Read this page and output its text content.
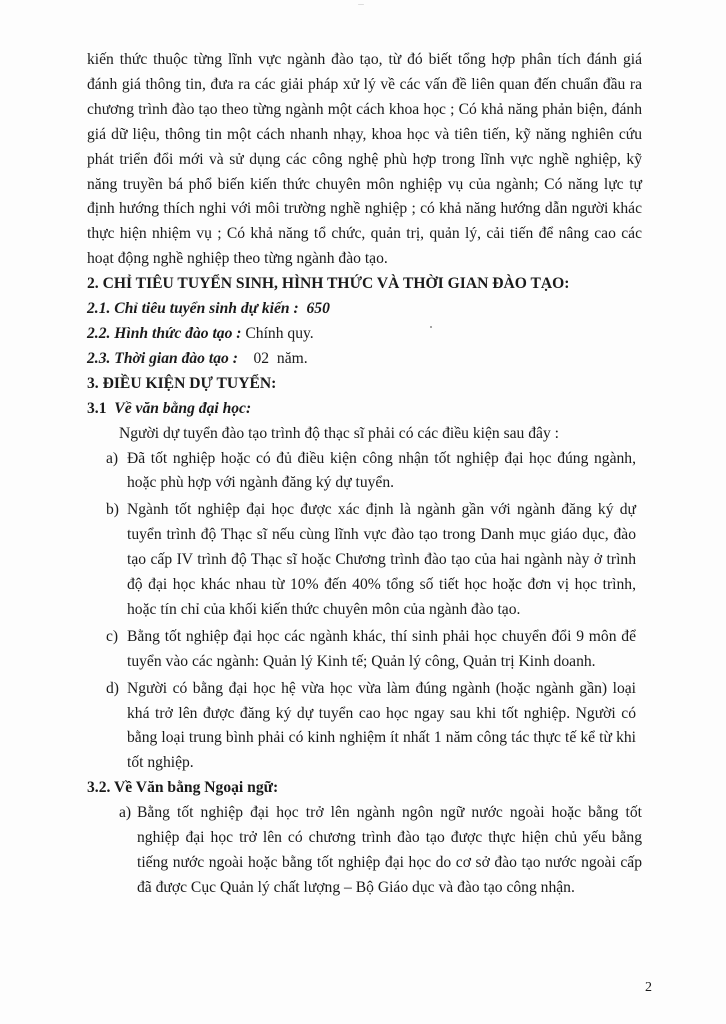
kiến thức thuộc từng lĩnh vực ngành đào tạo, từ đó biết tổng hợp phân tích đánh giá đánh giá thông tin, đưa ra các giải pháp xử lý về các vấn đề liên quan đến chuẩn đầu ra chương trình đào tạo theo từng ngành một cách khoa học ; Có khả năng phản biện, đánh giá dữ liệu, thông tin một cách nhanh nhạy, khoa học và tiên tiến, kỹ năng nghiên cứu phát triển đổi mới và sử dụng các công nghệ phù hợp trong lĩnh vực nghề nghiệp, kỹ năng truyền bá phổ biến kiến thức chuyên môn nghiệp vụ của ngành; Có năng lực tự định hướng thích nghi với môi trường nghề nghiệp ; có khả năng hướng dẫn người khác thực hiện nhiệm vụ ; Có khả năng tổ chức, quản trị, quản lý, cải tiến để nâng cao các hoạt động nghề nghiệp theo từng ngành đào tạo.

2. CHỈ TIÊU TUYỂN SINH, HÌNH THỨC VÀ THỜI GIAN ĐÀO TẠO:

2.1. Chỉ tiêu tuyển sinh dự kiến :  650

2.2. Hình thức đào tạo : Chính quy.

2.3. Thời gian đào tạo :    02  năm.

3. ĐIỀU KIỆN DỰ TUYỂN:

3.1 Về văn bằng đại học:

Người dự tuyển đào tạo trình độ thạc sĩ phải có các điều kiện sau đây :

a) Đã tốt nghiệp hoặc có đủ điều kiện công nhận tốt nghiệp đại học đúng ngành, hoặc phù hợp với ngành đăng ký dự tuyển.

b) Ngành tốt nghiệp đại học được xác định là ngành gần với ngành đăng ký dự tuyển trình độ Thạc sĩ nếu cùng lĩnh vực đào tạo trong Danh mục giáo dục, đào tạo cấp IV trình độ Thạc sĩ hoặc Chương trình đào tạo của hai ngành này ở trình độ đại học khác nhau từ 10% đến 40% tổng số tiết học hoặc đơn vị học trình, hoặc tín chỉ của khối kiến thức chuyên môn của ngành đào tạo.

c) Bằng tốt nghiệp đại học các ngành khác, thí sinh phải học chuyển đổi 9 môn để tuyển vào các ngành: Quản lý Kinh tế; Quản lý công, Quản trị Kinh doanh.

d) Người có bằng đại học hệ vừa học vừa làm đúng ngành (hoặc ngành gần) loại khá trở lên được đăng ký dự tuyển cao học ngay sau khi tốt nghiệp. Người có bằng loại trung bình phải có kinh nghiệm ít nhất 1 năm công tác thực tế kể từ khi tốt nghiệp.

3.2. Về Văn bằng Ngoại ngữ:

a) Bằng tốt nghiệp đại học trở lên ngành ngôn ngữ nước ngoài hoặc bằng tốt nghiệp đại học trở lên có chương trình đào tạo được thực hiện chủ yếu bằng tiếng nước ngoài hoặc bằng tốt nghiệp đại học do cơ sở đào tạo nước ngoài cấp đã được Cục Quản lý chất lượng – Bộ Giáo dục và đào tạo công nhận.

2
